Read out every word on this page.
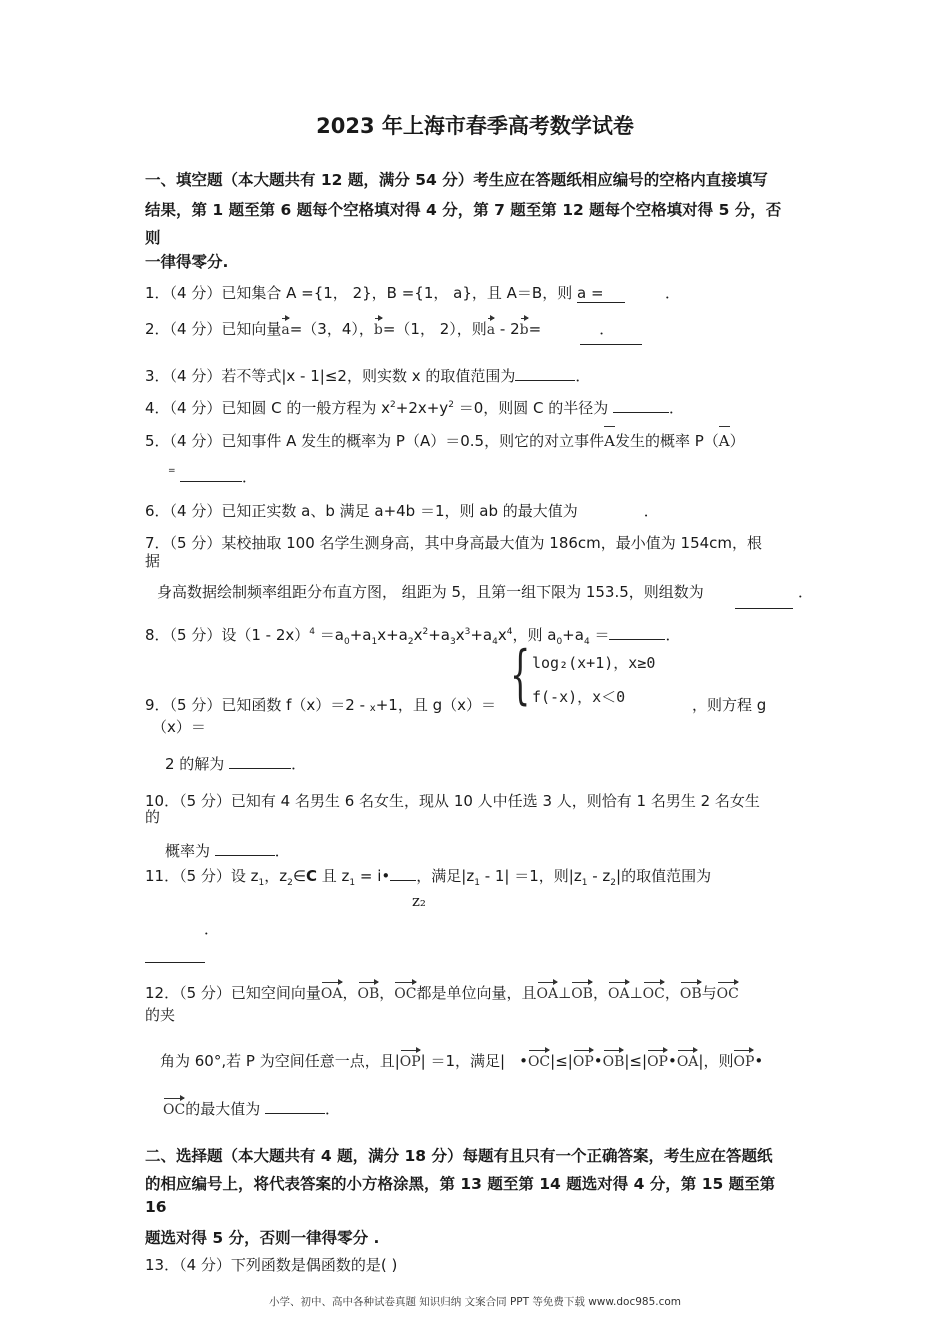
2023 年上海市春季高考数学试卷
一、填空题（本大题共有 12 题，满分 54 分）考生应在答题纸相应编号的空格内直接填写
结果，第 1 题至第 6 题每个空格填对得 4 分，第 7 题至第 12 题每个空格填对得 5 分，否
则
一律得零分.
1．（4 分）已知集合 A ={1， 2}，B ={1， a}，且 A＝B，则 a =	．
2．（4 分）已知向量a=（3，4），b=（1， 2），则a - 2b=	．
3．（4 分）若不等式|x - 1|≤2，则实数 x 的取值范围为	．
4．（4 分）已知圆 C 的一般方程为 $x^2+2x+y^2 =0$，则圆 C 的半径为	．
5．（4 分）已知事件 A 发生的概率为 P（A）＝0.5，则它的对立事件A发生的概率 P（A）
=	．
6．（4 分）已知正实数 a、b 满足 a+4b ＝1，则 ab 的最大值为	．
7．（5 分）某校抽取 100 名学生测身高，其中身高最大值为 186cm，最小值为 154cm，根
据
身高数据绘制频率组距分布直方图， 组距为 5，且第一组下限为 153.5，则组数为	．
8．（5 分）设$(1 - 2x)^4 =a_0+a_1x+a_2x^2+a_3x^3+a_4x^4$，则 $a_0+a_4$ ＝	．
9．（5 分）已知函数 f（x）＝2 - x+1，且 g（x）＝ { log₂(x+1)，x≥0
f(-x)，x＜0	，则方程 g
（x）＝
2 的解为	．
10．（5 分）已知有 4 名男生 6 名女生，现从 10 人中任选 3 人，则恰有 1 名男生 2 名女生
的
概率为	．
11．（5 分）设 $z_1$，$z_2\in C$ 且 $z_1$ = i• ，满足$|z_1 - 1| =1$，则$|z_1 - z_2|$的取值范围为
z₂
．
12．（5 分）已知空间向量OA，OB，OC都是单位向量，且OA⊥OB，OA⊥OC，OB与OC
的夹
角为 60°,若 P 为空间任意一点，且|OP| ＝1，满足| •OC|≤|OP•OB|≤|OP•OA|，则OP•
OC的最大值为	．
二、选择题（本大题共有 4 题，满分 18 分）每题有且只有一个正确答案，考生应在答题纸
的相应编号上，将代表答案的小方格涂黑，第 13 题至第 14 题选对得 4 分，第 15 题至第
16
题选对得 5 分，否则一律得零分 .
13．（4 分）下列函数是偶函数的是( )
小学、初中、高中各种试卷真题 知识归纳 文案合同 PPT 等免费下载 www.doc985.com
